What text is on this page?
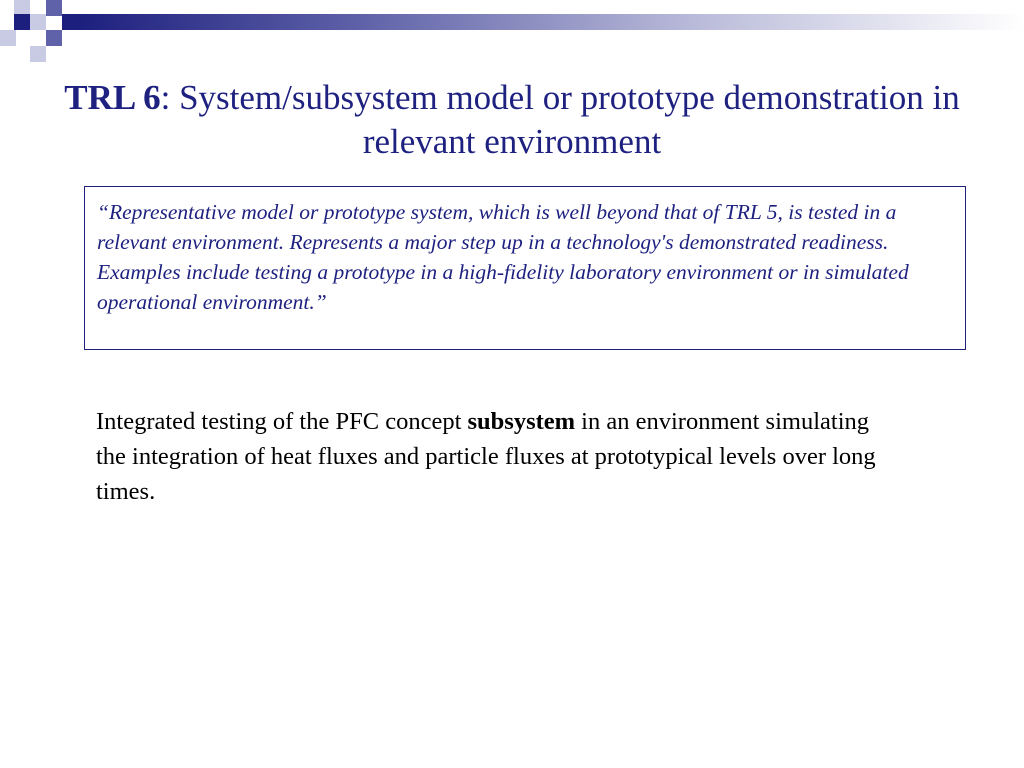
TRL 6: System/subsystem model or prototype demonstration in relevant environment

“Representative model or prototype system, which is well beyond that of TRL 5, is tested in a relevant environment. Represents a major step up in a technology's demonstrated readiness. Examples include testing a prototype in a high-fidelity laboratory environment or in simulated operational environment.”

Integrated testing of the PFC concept subsystem in an environment simulating the integration of heat fluxes and particle fluxes at prototypical levels over long times.
